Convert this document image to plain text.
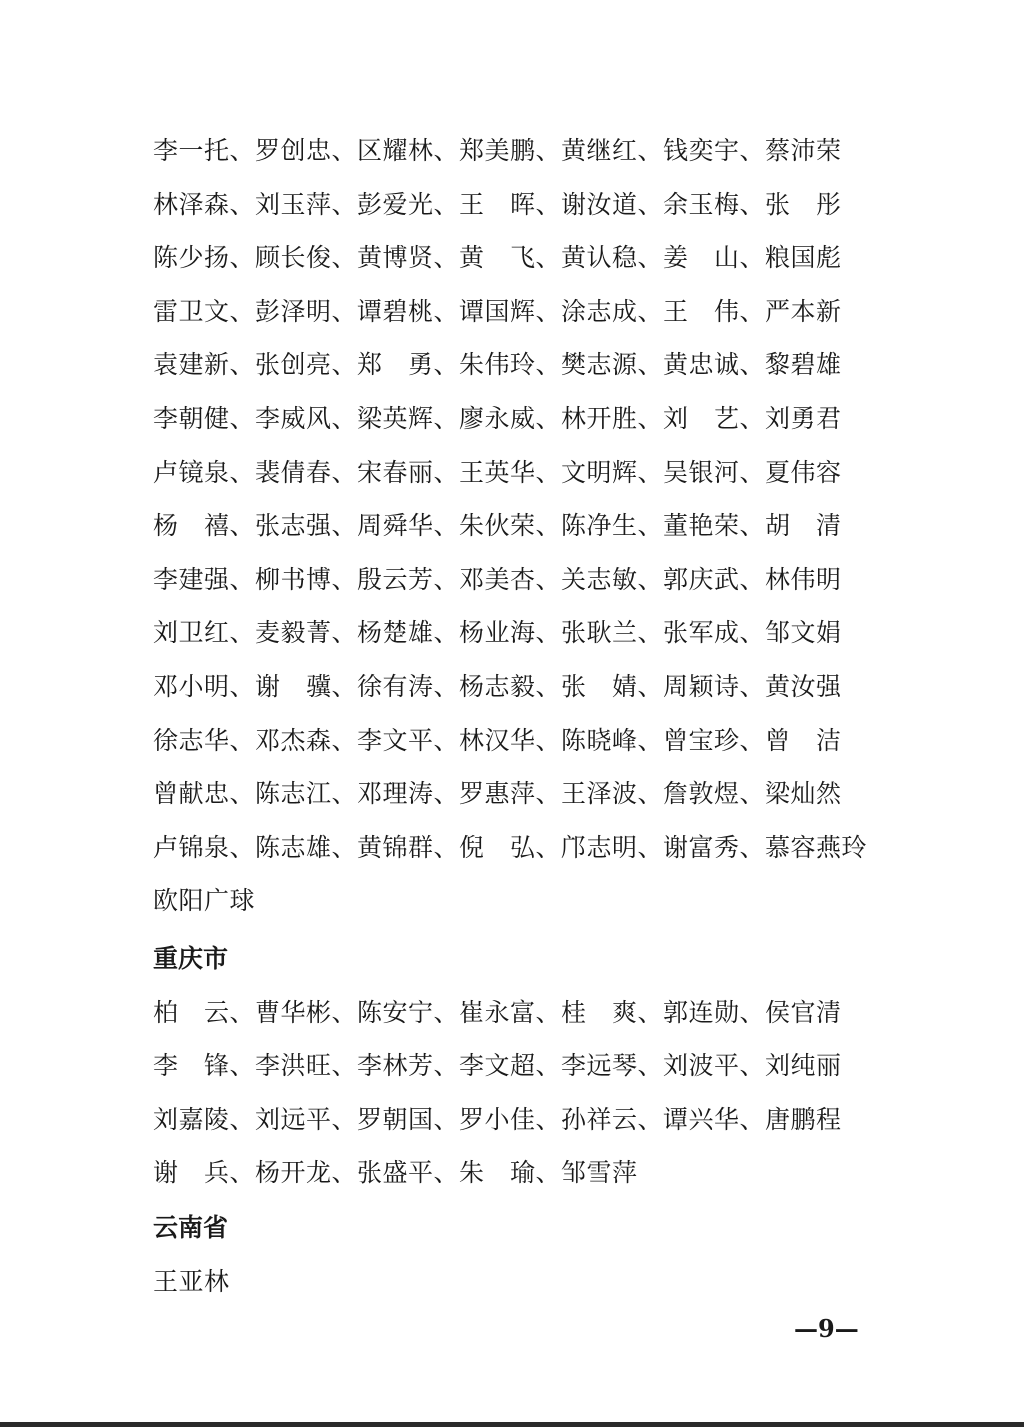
李一托、罗创忠、区耀林、郑美鹏、黄继红、钱奕宇、蔡沛荣
林泽森、刘玉萍、彭爱光、王　晖、谢汝道、余玉梅、张　彤
陈少扬、顾长俊、黄博贤、黄　飞、黄认稳、姜　山、粮国彪
雷卫文、彭泽明、谭碧桃、谭国辉、涂志成、王　伟、严本新
袁建新、张创亮、郑　勇、朱伟玲、樊志源、黄忠诚、黎碧雄
李朝健、李威风、梁英辉、廖永威、林开胜、刘　艺、刘勇君
卢镜泉、裴倩春、宋春丽、王英华、文明辉、吴银河、夏伟容
杨　禧、张志强、周舜华、朱伙荣、陈净生、董艳荣、胡　清
李建强、柳书博、殷云芳、邓美杏、关志敏、郭庆武、林伟明
刘卫红、麦毅菁、杨楚雄、杨业海、张耿兰、张军成、邹文娟
邓小明、谢　骥、徐有涛、杨志毅、张　婧、周颖诗、黄汝强
徐志华、邓杰森、李文平、林汉华、陈晓峰、曾宝珍、曾　洁
曾献忠、陈志江、邓理涛、罗惠萍、王泽波、詹敦煜、梁灿然
卢锦泉、陈志雄、黄锦群、倪　弘、邝志明、谢富秀、慕容燕玲
欧阳广球
重庆市
柏　云、曹华彬、陈安宁、崔永富、桂　爽、郭连勋、侯官清
李　锋、李洪旺、李林芳、李文超、李远琴、刘波平、刘纯丽
刘嘉陵、刘远平、罗朝国、罗小佳、孙祥云、谭兴华、唐鹏程
谢　兵、杨开龙、张盛平、朱　瑜、邹雪萍
云南省
王亚林
—9—
